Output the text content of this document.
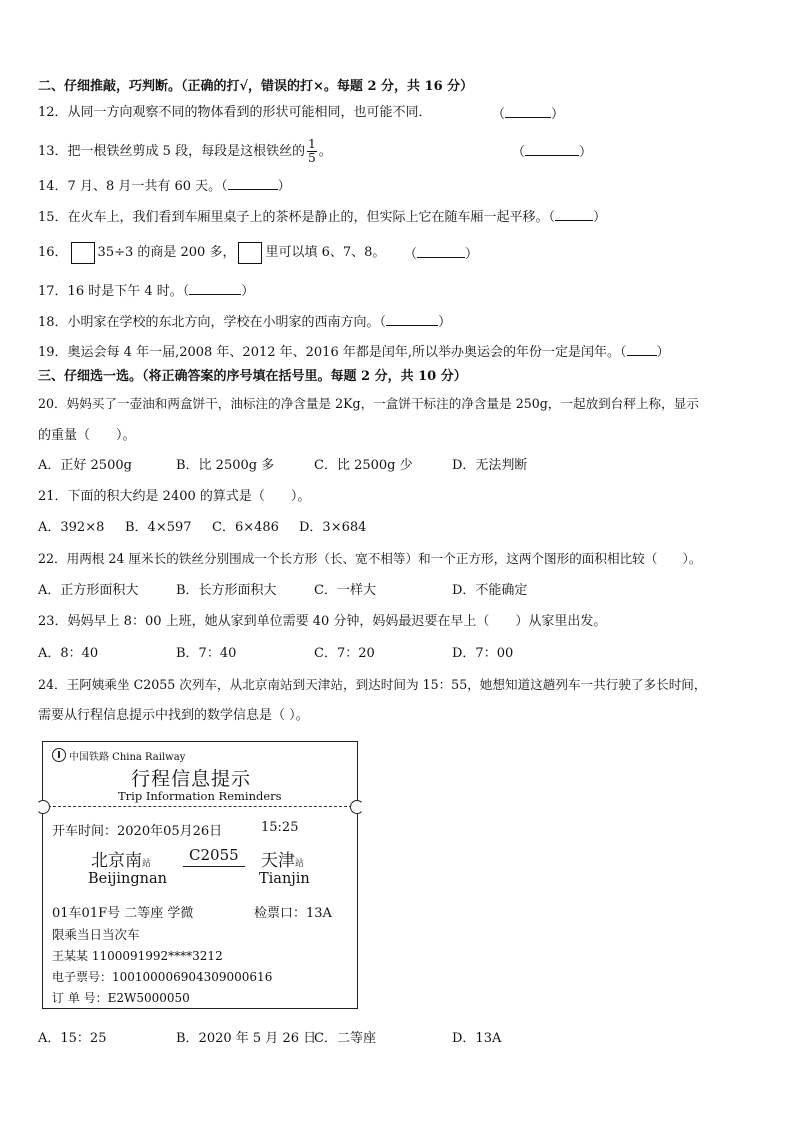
二、仔细推敲，巧判断。（正确的打√，错误的打×。每题 2 分，共 16 分）
12．从同一方向观察不同的物体看到的形状可能相同，也可能不同．	（	）
13．把一根铁丝剪成 5 段，每段是这根铁丝的 $\frac{1}{5}$ 。	（	）
14．7 月、8 月一共有 60 天。（	）
15．在火车上，我们看到车厢里桌子上的茶杯是静止的，但实际上它在随车厢一起平移。（	）
16． 35÷3 的商是 200 多， 里可以填 6、7、8。 （	）
17．16 时是下午 4 时。（	）
18．小明家在学校的东北方向，学校在小明家的西南方向。（	）
19．奥运会每 4 年一届,2008 年、2012 年、2016 年都是闰年,所以举办奥运会的年份一定是闰年。（ ）
三、仔细选一选。（将正确答案的序号填在括号里。每题 2 分，共 10 分）
20．妈妈买了一壶油和两盒饼干，油标注的净含量是 2Kg，一盒饼干标注的净含量是 250g，一起放到台秤上称，显示
的重量（　　）。
A．正好 2500g	B．比 2500g 多	C．比 2500g 少	D．无法判断
21．下面的积大约是 2400 的算式是（　　）。
A．392×8 B．4×597 C．6×486 D．3×684
22．用两根 24 厘米长的铁丝分别围成一个长方形（长、宽不相等）和一个正方形，这两个图形的面积相比较（　　）。
A．正方形面积大	B．长方形面积大	C．一样大	D．不能确定
23．妈妈早上 8：00 上班，她从家到单位需要 40 分钟，妈妈最迟要在早上（　　）从家里出发。
A．8：40	B．7：40	C．7：20	D．7：00
24．王阿姨乘坐 C2055 次列车，从北京南站到天津站，到达时间为 15：55，她想知道这趟列车一共行驶了多长时间，
需要从行程信息提示中找到的数学信息是（ ）。
中国铁路 China Railway
行程信息提示
Trip Information Reminders
开车时间：2020年05月26日	15:25
北京南站	C2055	天津站
Beijingnan	Tianjin
01车01F号 二等座 学微	检票口：13A
限乘当日当次车
王某某 1100091992****3212
电子票号：10010000690430900061​6
订 单 号：E2W5000050
A．15：25	B．2020 年 5 月 26 日
C．二等座	D．13A
